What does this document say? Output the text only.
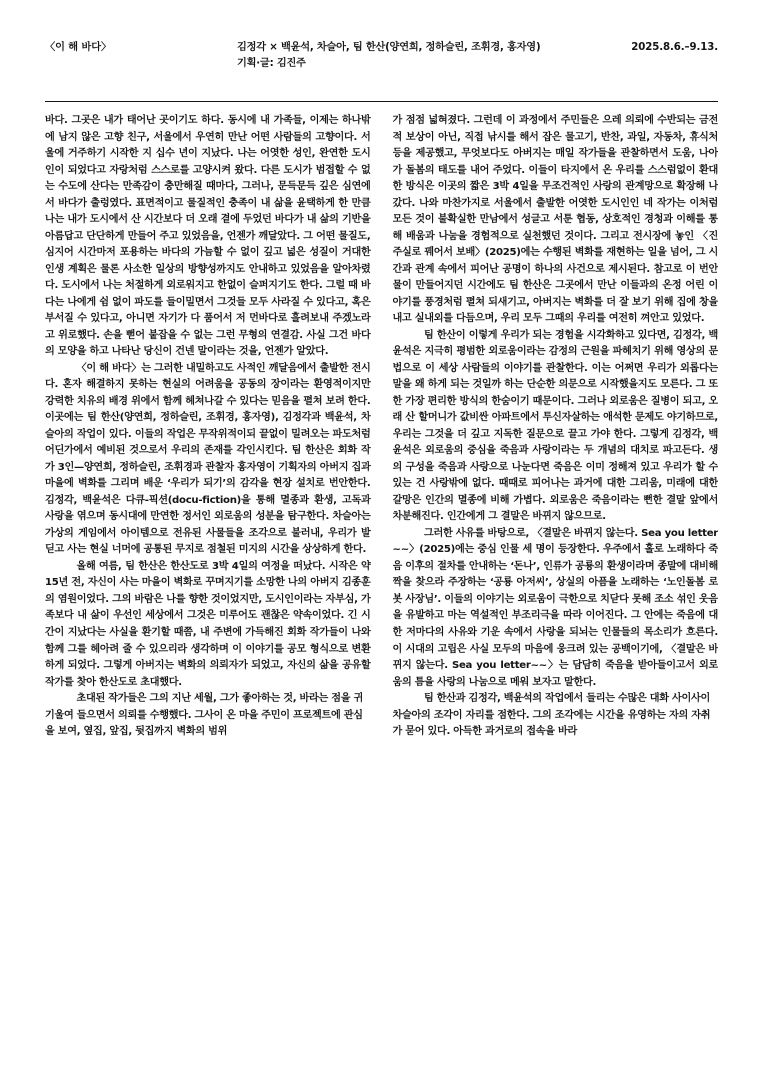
〈이 해 바다〉	김정각 × 백윤석, 차슬아, 팀 한산(양연희, 정하슬린, 조휘경, 홍자영)
기획·글: 김진주
2025.8.6.–9.13.

바다. 그곳은 내가 태어난 곳이기도 하다. 동시에 내 가족들, 이제는 하나밖에 남지 않은 고향 친구, 서울에서 우연히 만난 어떤 사람들의 고향이다. 서울에 거주하기 시작한 지 십수 년이 지났다. 나는 어엿한 성인, 완연한 도시인이 되었다고 자랑처럼 스스로를 고양시켜 왔다. 다른 도시가 범접할 수 없는 수도에 산다는 만족감이 충만해질 때마다, 그러나, 문득문득 깊은 심연에서 바다가 출렁였다. 표면적이고 물질적인 충족이 내 삶을 윤택하게 한 만큼 나는 내가 도시에서 산 시간보다 더 오래 곁에 두었던 바다가 내 삶의 기반을 아름답고 단단하게 만들어 주고 있었음을, 언젠가 깨달았다. 그 어떤 물질도, 심지어 시간마저 포용하는 바다의 가늠할 수 없이 깊고 넓은 성질이 거대한 인생 계획은 물론 사소한 일상의 방향성까지도 안내하고 있었음을 알아차렸다. 도시에서 나는 처절하게 외로워지고 한없이 슬퍼지기도 한다. 그럴 때 바다는 나에게 쉼 없이 파도를 들이밀면서 그것들 모두 사라질 수 있다고, 혹은 부서질 수 있다고, 아니면 자기가 다 품어서 저 먼바다로 흘려보내 주겠노라고 위로했다. 손을 뻗어 붙잡을 수 없는 그런 무형의 연결감. 사실 그건 바다의 모양을 하고 나타난 당신이 건넨 말이라는 것을, 언젠가 알았다.

〈이 해 바다〉는 그러한 내밀하고도 사적인 깨달음에서 출발한 전시다. 혼자 해결하지 못하는 현실의 어려움을 공동의 장이라는 환영적이지만 강력한 치유의 배경 위에서 함께 헤쳐나갈 수 있다는 믿음을 펼쳐 보려 한다. 이곳에는 팀 한산(양연희, 정하슬린, 조휘경, 홍자영), 김정각과 백윤석, 차슬아의 작업이 있다. 이들의 작업은 무작위적이되 끝없이 밀려오는 파도처럼 어딘가에서 예비된 것으로서 우리의 존재를 각인시킨다. 팀 한산은 회화 작가 3인—양연희, 정하슬린, 조휘경과 관찰자 홍자영이 기획자의 아버지 집과 마을에 벽화를 그리며 배운 ‘우리가 되기’의 감각을 현장 설치로 번안한다. 김정각, 백윤석은 다큐-픽션(docu-fiction)을 통해 멸종과 환생, 고독과 사랑을 엮으며 동시대에 만연한 정서인 외로움의 성분을 탐구한다. 차슬아는 가상의 게임에서 아이템으로 전유된 사물들을 조각으로 불러내, 우리가 발 딛고 사는 현실 너머에 공통된 무지로 점철된 미지의 시간을 상상하게 한다.

올해 여름, 팀 한산은 한산도로 3박 4일의 여정을 떠났다. 시작은 약 15년 전, 자신이 사는 마을이 벽화로 꾸며지기를 소망한 나의 아버지 김종훈의 염원이었다. 그의 바람은 나를 향한 것이었지만, 도시인이라는 자부심, 가족보다 내 삶이 우선인 세상에서 그것은 미루어도 괜찮은 약속이었다. 긴 시간이 지났다는 사실을 환기할 때쯤, 내 주변에 가득해진 회화 작가들이 나와 함께 그를 헤아려 줄 수 있으리라 생각하며 이 이야기를 공모 형식으로 변환하게 되었다. 그렇게 아버지는 벽화의 의뢰자가 되었고, 자신의 삶을 공유할 작가를 찾아 한산도로 초대했다.

초대된 작가들은 그의 지난 세월, 그가 좋아하는 것, 바라는 점을 귀 기울여 들으면서 의뢰를 수행했다. 그사이 온 마을 주민이 프로젝트에 관심을 보여, 옆집, 앞집, 뒷집까지 벽화의 범위

가 점점 넓혀졌다. 그런데 이 과정에서 주민들은 으레 의뢰에 수반되는 금전적 보상이 아닌, 직접 낚시를 해서 잡은 물고기, 반찬, 과일, 자동차, 휴식처 등을 제공했고, 무엇보다도 아버지는 매일 작가들을 관찰하면서 도움, 나아가 돌봄의 태도를 내어 주었다. 이들이 타지에서 온 우리를 스스럼없이 환대한 방식은 이곳의 짧은 3박 4일을 무조건적인 사랑의 관계망으로 확장해 나갔다. 나와 마찬가지로 서울에서 출발한 어엿한 도시인인 네 작가는 이처럼 모든 것이 불확실한 만남에서 성글고 서툰 협동, 상호적인 경청과 이해를 통해 배움과 나눔을 경험적으로 실천했던 것이다. 그리고 전시장에 놓인 〈진주실로 꿰어서 보배〉(2025)에는 수행된 벽화를 재현하는 일을 넘어, 그 시간과 관계 속에서 피어난 공명이 하나의 사건으로 제시된다. 참고로 이 번안물이 만들어지던 시간에도 팀 한산은 그곳에서 만난 이들과의 온정 어린 이야기를 풍경처럼 펼쳐 되새기고, 아버지는 벽화를 더 잘 보기 위해 집에 창을 내고 실내외를 다듬으며, 우리 모두 그때의 우리를 여전히 껴안고 있었다.

팀 한산이 이렇게 우리가 되는 경험을 시각화하고 있다면, 김정각, 백윤석은 지극히 평범한 외로움이라는 감정의 근원을 파헤치기 위해 영상의 문법으로 이 세상 사람들의 이야기를 관찰한다. 이는 어쩌면 우리가 외롭다는 말을 왜 하게 되는 것일까 하는 단순한 의문으로 시작했을지도 모른다. 그 또한 가장 편리한 방식의 한숨이기 때문이다. 그러나 외로움은 질병이 되고, 오래 산 할머니가 값비싼 아파트에서 투신자살하는 애석한 문제도 야기하므로, 우리는 그것을 더 깊고 지독한 질문으로 끌고 가야 한다. 그렇게 김정각, 백윤석은 외로움의 중심을 죽음과 사랑이라는 두 개념의 대치로 파고든다. 생의 구성을 죽음과 사랑으로 나눈다면 죽음은 이미 정해져 있고 우리가 할 수 있는 건 사랑밖에 없다. 때때로 피어나는 과거에 대한 그리움, 미래에 대한 갈망은 인간의 멸종에 비해 가볍다. 외로움은 죽음이라는 뻔한 결말 앞에서 차분해진다. 인간에게 그 결말은 바뀌지 않으므로.

그러한 사유를 바탕으로, 〈결말은 바뀌지 않는다. Sea you letter~~〉(2025)에는 중심 인물 세 명이 등장한다. 우주에서 홀로 노래하다 죽음 이후의 절차를 안내하는 ‘돈나’, 인류가 공룡의 환생이라며 종말에 대비해 짝을 찾으라 주장하는 ‘공룡 아저씨’, 상실의 아픔을 노래하는 ‘노인돌봄 로봇 사장님’. 이들의 이야기는 외로움이 극한으로 치닫다 못해 조소 섞인 웃음을 유발하고 마는 역설적인 부조리극을 따라 이어진다. 그 안에는 죽음에 대한 저마다의 사유와 기운 속에서 사랑을 되뇌는 인물들의 목소리가 흐른다. 이 시대의 고립은 사실 모두의 마음에 웅크려 있는 공백이기에, 〈결말은 바뀌지 않는다. Sea you letter~~〉는 담담히 죽음을 받아들이고서 외로움의 틈을 사랑의 나눔으로 메워 보자고 말한다.

팀 한산과 김정각, 백윤석의 작업에서 들리는 수많은 대화 사이사이 차슬아의 조각이 자리를 점한다. 그의 조각에는 시간을 유영하는 자의 자취가 묻어 있다. 아득한 과거로의 접속을 바라
